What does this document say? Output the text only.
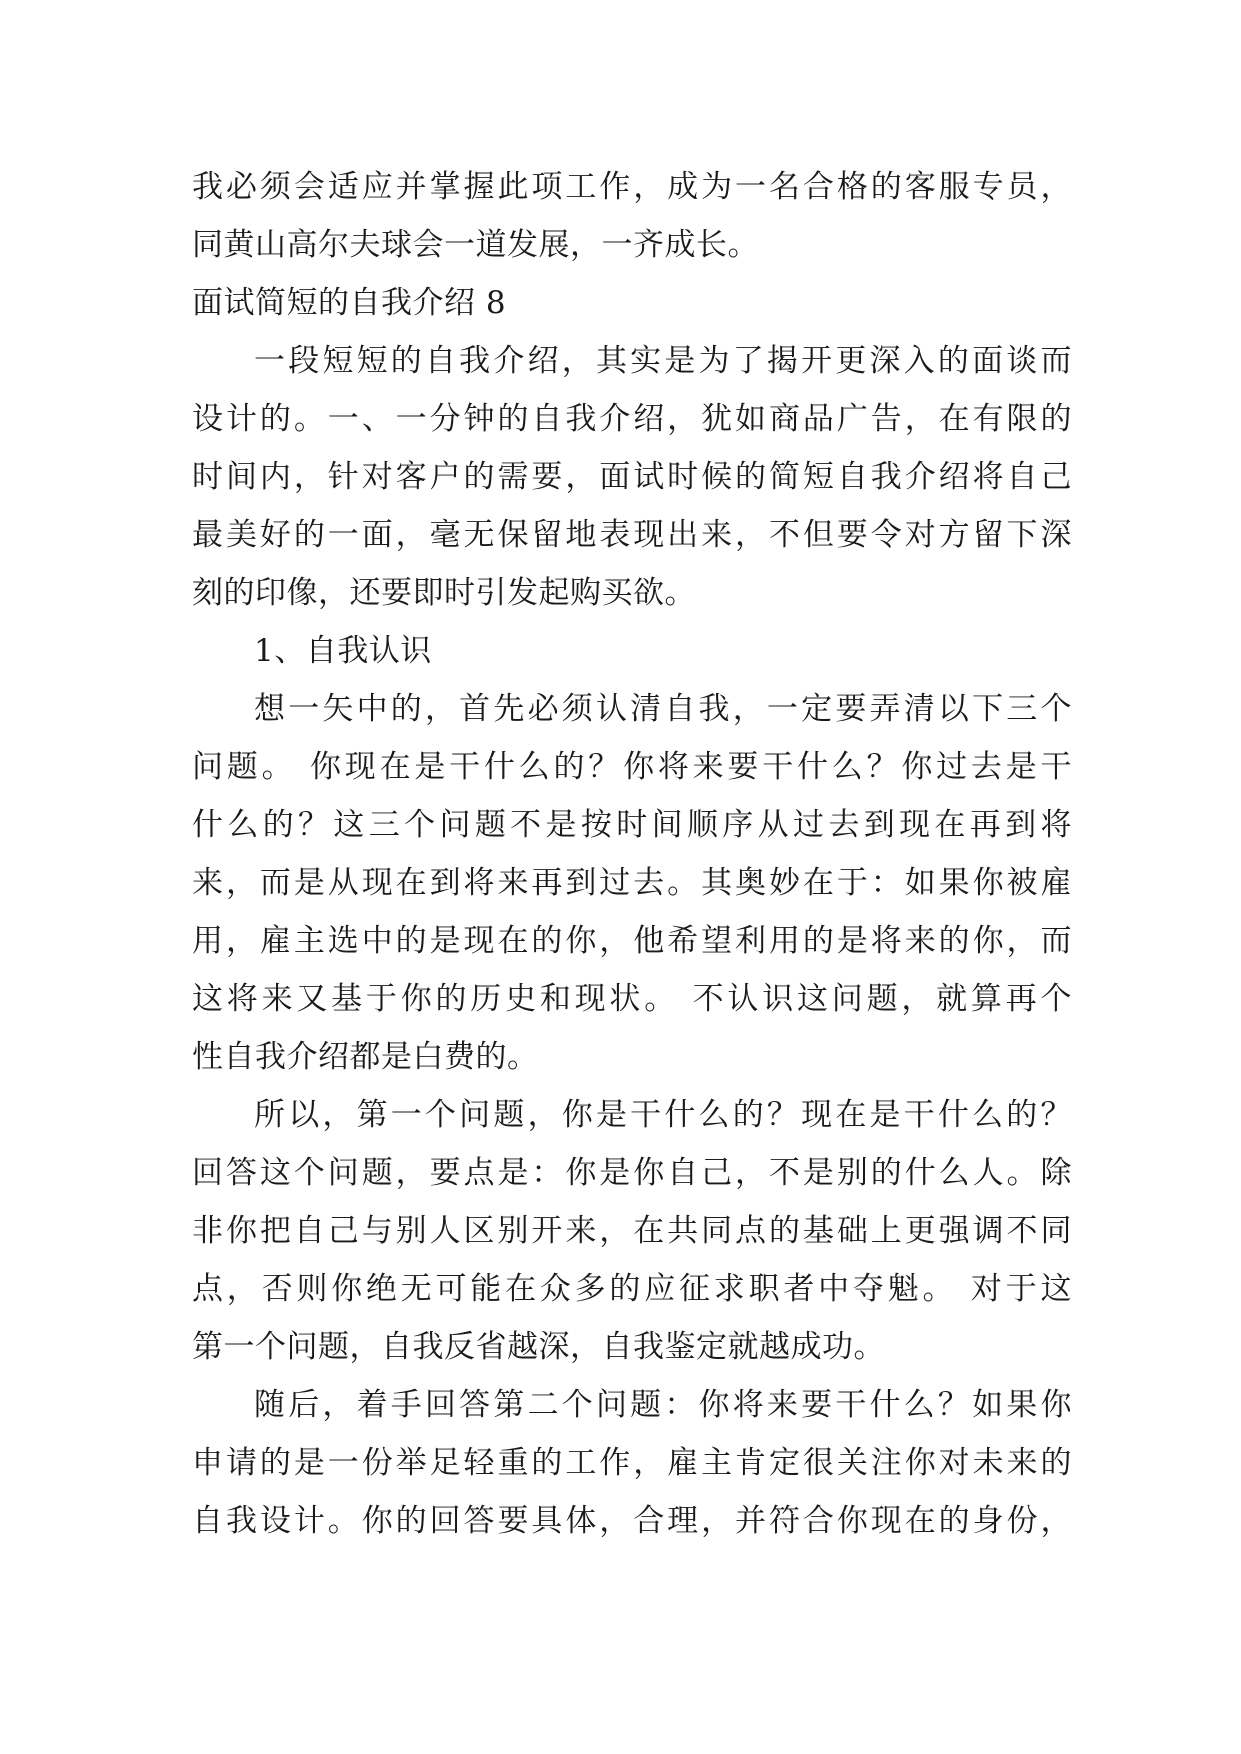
我必须会适应并掌握此项工作，成为一名合格的客服专员，
同黄山高尔夫球会一道发展，一齐成长。
面试简短的自我介绍 8
一段短短的自我介绍，其实是为了揭开更深入的面谈而
设计的。一、一分钟的自我介绍，犹如商品广告，在有限的
时间内，针对客户的需要，面试时候的简短自我介绍将自己
最美好的一面，毫无保留地表现出来，不但要令对方留下深
刻的印像，还要即时引发起购买欲。
1、自我认识
想一矢中的，首先必须认清自我，一定要弄清以下三个
问题。 你现在是干什么的？你将来要干什么？你过去是干
什么的？这三个问题不是按时间顺序从过去到现在再到将
来，而是从现在到将来再到过去。其奥妙在于：如果你被雇
用，雇主选中的是现在的你，他希望利用的是将来的你，而
这将来又基于你的历史和现状。 不认识这问题，就算再个
性自我介绍都是白费的。
所以，第一个问题，你是干什么的？现在是干什么的？
回答这个问题，要点是：你是你自己，不是别的什么人。除
非你把自己与别人区别开来，在共同点的基础上更强调不同
点，否则你绝无可能在众多的应征求职者中夺魁。 对于这
第一个问题，自我反省越深，自我鉴定就越成功。
随后，着手回答第二个问题：你将来要干什么？如果你
申请的是一份举足轻重的工作，雇主肯定很关注你对未来的
自我设计。你的回答要具体，合理，并符合你现在的身份，
